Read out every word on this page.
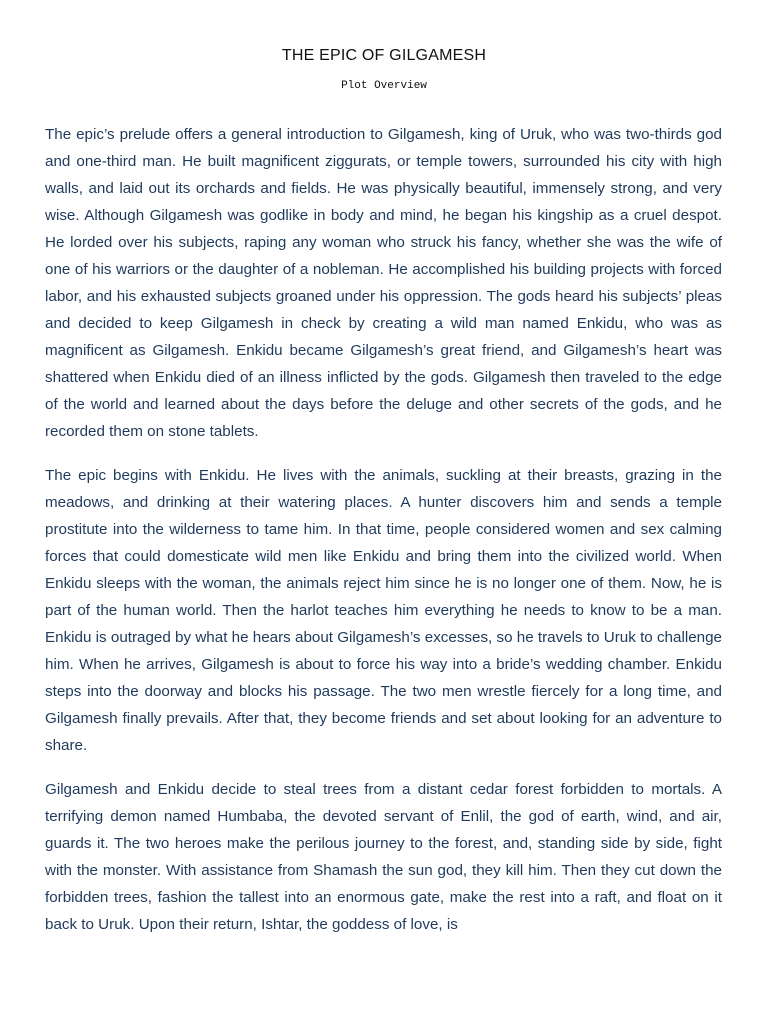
THE EPIC OF GILGAMESH
Plot Overview

The epic’s prelude offers a general introduction to Gilgamesh, king of Uruk, who was two-thirds god and one-third man. He built magnificent ziggurats, or temple towers, surrounded his city with high walls, and laid out its orchards and fields. He was physically beautiful, immensely strong, and very wise. Although Gilgamesh was godlike in body and mind, he began his kingship as a cruel despot. He lorded over his subjects, raping any woman who struck his fancy, whether she was the wife of one of his warriors or the daughter of a nobleman. He accomplished his building projects with forced labor, and his exhausted subjects groaned under his oppression. The gods heard his subjects’ pleas and decided to keep Gilgamesh in check by creating a wild man named Enkidu, who was as magnificent as Gilgamesh. Enkidu became Gilgamesh’s great friend, and Gilgamesh’s heart was shattered when Enkidu died of an illness inflicted by the gods. Gilgamesh then traveled to the edge of the world and learned about the days before the deluge and other secrets of the gods, and he recorded them on stone tablets.

The epic begins with Enkidu. He lives with the animals, suckling at their breasts, grazing in the meadows, and drinking at their watering places. A hunter discovers him and sends a temple prostitute into the wilderness to tame him. In that time, people considered women and sex calming forces that could domesticate wild men like Enkidu and bring them into the civilized world. When Enkidu sleeps with the woman, the animals reject him since he is no longer one of them. Now, he is part of the human world. Then the harlot teaches him everything he needs to know to be a man. Enkidu is outraged by what he hears about Gilgamesh’s excesses, so he travels to Uruk to challenge him. When he arrives, Gilgamesh is about to force his way into a bride’s wedding chamber. Enkidu steps into the doorway and blocks his passage. The two men wrestle fiercely for a long time, and Gilgamesh finally prevails. After that, they become friends and set about looking for an adventure to share.

Gilgamesh and Enkidu decide to steal trees from a distant cedar forest forbidden to mortals. A terrifying demon named Humbaba, the devoted servant of Enlil, the god of earth, wind, and air, guards it. The two heroes make the perilous journey to the forest, and, standing side by side, fight with the monster. With assistance from Shamash the sun god, they kill him. Then they cut down the forbidden trees, fashion the tallest into an enormous gate, make the rest into a raft, and float on it back to Uruk. Upon their return, Ishtar, the goddess of love, is
